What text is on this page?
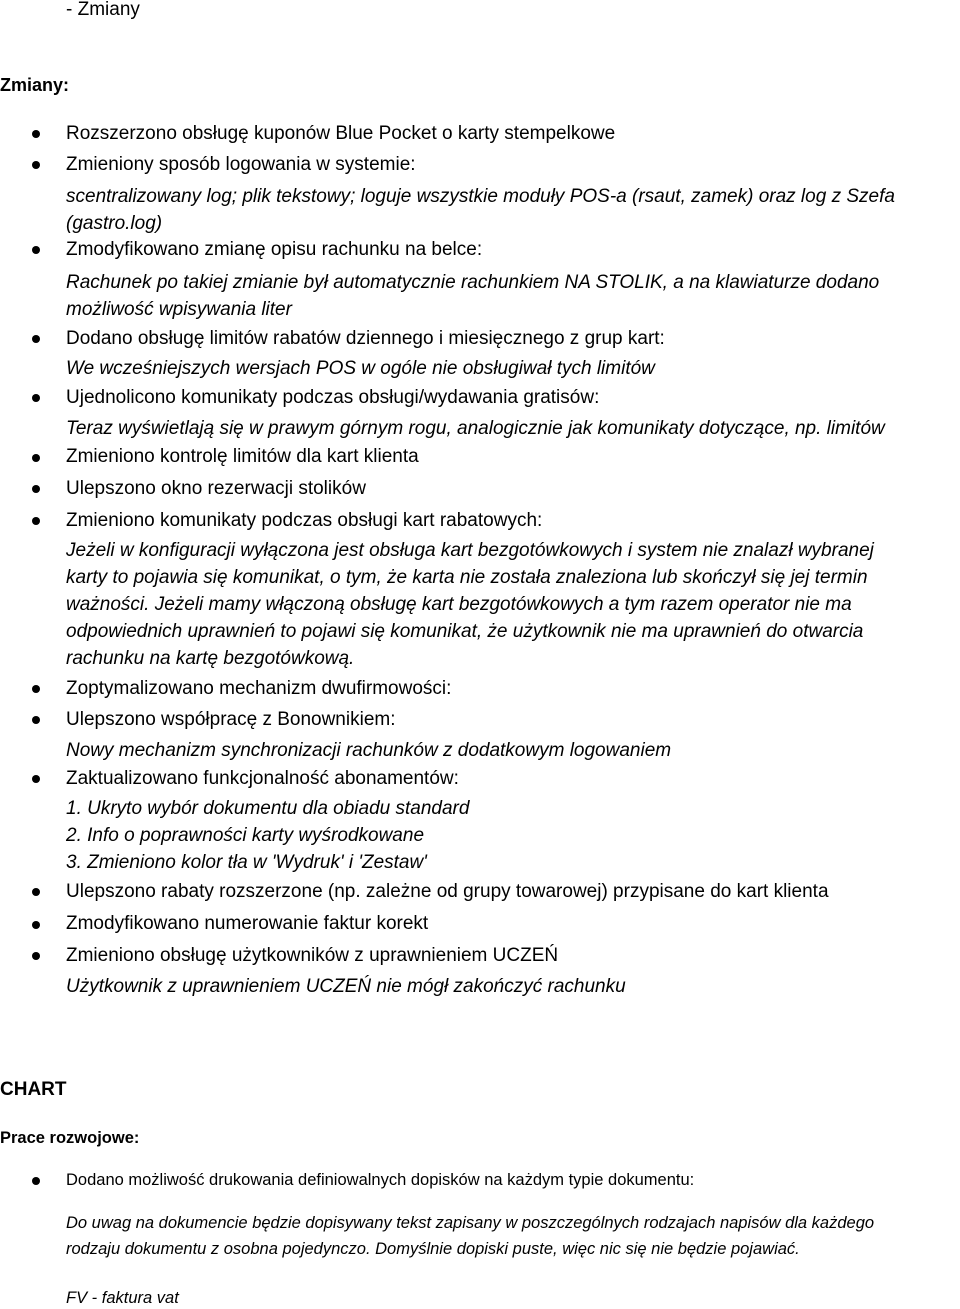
- Zmiany
Zmiany:
Rozszerzono obsługę kuponów Blue Pocket o karty stempelkowe
Zmieniony sposób logowania w systemie:
scentralizowany log; plik tekstowy; loguje wszystkie moduły POS-a (rsaut, zamek) oraz log z Szefa
(gastro.log)
Zmodyfikowano zmianę opisu rachunku na belce:
Rachunek po takiej zmianie był automatycznie rachunkiem NA STOLIK, a na klawiaturze dodano
możliwość wpisywania liter
Dodano obsługę limitów rabatów dziennego i miesięcznego z grup kart:
We wcześniejszych wersjach POS w ogóle nie obsługiwał tych limitów
Ujednolicono komunikaty podczas obsługi/wydawania gratisów:
Teraz wyświetlają się w prawym górnym rogu, analogicznie jak komunikaty dotyczące, np. limitów
Zmieniono kontrolę limitów dla kart klienta
Ulepszono okno rezerwacji stolików
Zmieniono komunikaty podczas obsługi kart rabatowych:
Jeżeli w konfiguracji wyłączona jest obsługa kart bezgotówkowych i system nie znalazł wybranej
karty to pojawia się komunikat, o tym, że karta nie została znaleziona lub skończył się jej termin
ważności. Jeżeli mamy włączoną obsługę kart bezgotówkowych a tym razem operator nie ma
odpowiednich uprawnień to pojawi się komunikat, że użytkownik nie ma uprawnień do otwarcia
rachunku na kartę bezgotówkową.
Zoptymalizowano mechanizm dwufirmowości:
Ulepszono współpracę z Bonownikiem:
Nowy mechanizm synchronizacji rachunków z dodatkowym logowaniem
Zaktualizowano funkcjonalność abonamentów:
1. Ukryto wybór dokumentu dla obiadu standard
2. Info o poprawności karty wyśrodkowane
3. Zmieniono kolor tła w 'Wydruk' i 'Zestaw'
Ulepszono rabaty rozszerzone (np. zależne od grupy towarowej) przypisane do kart klienta
Zmodyfikowano numerowanie faktur korekt
Zmieniono obsługę użytkowników z uprawnieniem UCZEŃ
Użytkownik z uprawnieniem UCZEŃ nie mógł zakończyć rachunku
CHART
Prace rozwojowe:
Dodano możliwość drukowania definiowalnych dopisków na każdym typie dokumentu:
Do uwag na dokumencie będzie dopisywany tekst zapisany w poszczególnych rodzajach napisów dla każdego
rodzaju dokumentu z osobna pojedynczo. Domyślnie dopiski puste, więc nic się nie będzie pojawiać.
FV - faktura vat
